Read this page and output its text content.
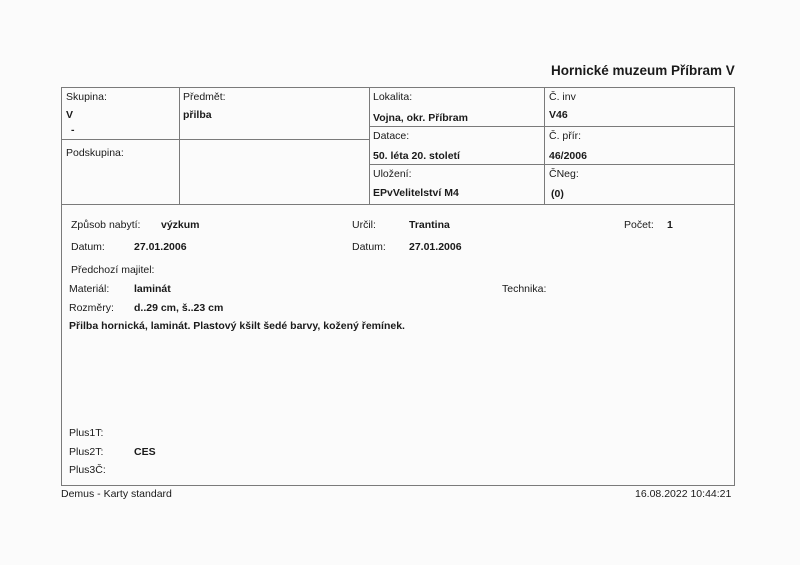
Hornické muzeum Příbram V
Skupina:
V
-
Předmět:
přilba
Podskupina:
Lokalita:
Vojna, okr. Příbram
Datace:
50. léta 20. století
Uložení:
EPvVelitelství M4
Č. inv
V46
Č. přír:
46/2006
ČNeg:
(0)
Způsob nabytí: výzkum	Určil:	Trantina	Počet: 1
Datum:	27.01.2006	Datum: 27.01.2006
Předchozí majitel:
Materiál: laminát	Technika:
Rozměry: d..29 cm, š..23 cm
Přilba hornická, laminát. Plastový kšilt šedé barvy, kožený řemínek.
Plus1T:
Plus2T:	CES
Plus3Č:
Demus - Karty standard	16.08.2022 10:44:21
